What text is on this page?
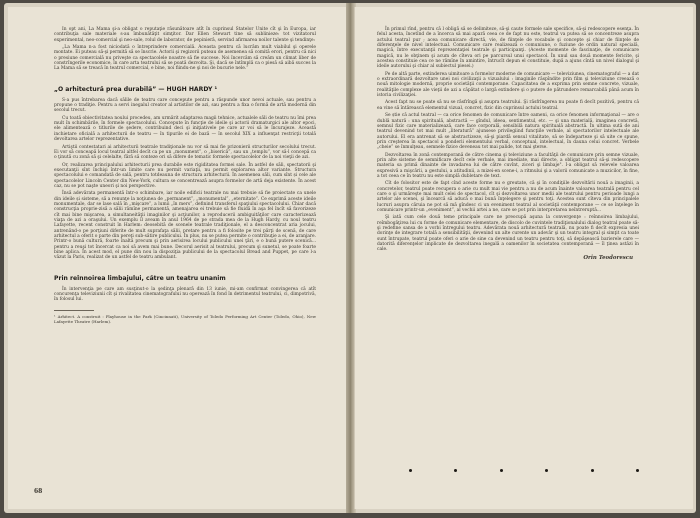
In opt ani, La Mama şi-a obligat o reputaţie răsunătoare atît în cuprinsul Statelor Unite cît şi în Europa, iar contribuţia sale materiale s-au îmbunătăţit simţitor. Dar Ellen Stewart tine să sublinieze: tot vizitatorul experimental, neo-comercial şi neo-sale, rolul de laborator, de pepinieră, servind afirmarea noilor talente şi tendinţe:

„La Mama n-a fost niciodată o întreprindere comercială. Aceasta pentru că lucrăm mult viabilul şi operele montate. Ei puteau să-şi permită să se înscrie. Actorii şi regizorii puteau de asemenea să comită erori, pentru că nici o presiune comercială nu priveşte ca spectacolele noastre să fie succese. Noi încercăm să creăm un climat liber de constrîngerile economice, în care arta teatrului să se poată dezvolta. Şi, dacă se întîmplă ca o piesă să aibă succes la La Mama să se treacă în teatrul comercial, e bine, noi fiindu-ne şi noi de bucurie nele.”

„O arhitectură prea durabilă” — HUGH HARDY ¹

S-a pus întrebarea dacă sălile de teatru care concepute pentru a răspunde unor nevoi actuale, sau pentru a propune o tradiţie. Pentru a servi inegalul creator al artistilor de azi, sau pentru a fixa o formă de artă modernă din secolul trecut.

Cu toată obiectivitatea noului procedeu, am urmărit adaptarea magii tehnice, actualele săli de teatru nu îmi prea mult în schimbările, în formele spectacolului. Concepute în funcţie de ideile şi actorii dramaturgici ale altor epoci, ele alimentează o titlurile de şedere, contribuind deci şi iniţiativele pe care ar voi să le încurajeze. Această inchietare oficială a arhitecturii de teatru — în tipurile ei de bază — în secolul XIX a influenţat restricţii totală devoltarea artelor reprezentative.

Artiştii contestatari ai arhitecturii teatrale tradiţionale nu vor să mai fie prizonierii structurilor secolului trecut. Ei vor să conceapă locul teatral altfel decît ca pe un „monument”, o „biserică”, sau un „templu”, vor să-l concepă ca o ţinută cu zonă să şi celelalte, fără să conteze ori să difere de tematic formele spectacolelor de la noi vieţii de azi.

Or, realizarea principalului arhitecturii prea durabile este rigiditatea formei sale. În astfel de săli, spectatorii şi executanţii sînt închişi într-un limite care nu permit variaţii, nu permit explorarea altor variante. Structura spectacolului e comandată de sală, pentru totdeauna de structura arhitecturii. În asemenea săli, cum sînt și cele ale spectacolelor Lincoln Center din New-York, cultura se concentrează asupra formelor de artă deja existente. În acest caz, nu se pot naşte uneori şi noi perspective.

Însă adevărata permanentă într-o schimbare, iar noile edificii teatrale nu mai trebuie să fie proiectate ca unele din ideile și sisteme, să a renunţe la noţiunea de „permanent”, „monumental”, „eternitate”. Ce exprimă aceste ideile monumentale, dar se lase sală în „mişcare”, a lumii „în mers”, definind transferul spaţiului spectacolului. Chiar dacă construcţia proprie-zisă a sălii rămîne permanentă, amenajarea ei trebuie să fie fluidă în aşa fel încît să favorizeze cît mai bine mişcarea, a simultaneităţii imaginilor şi acţiunilor, a reproducerii ambiguităţilor care caracterizează viaţa de azi a oraşului. Un exemplu îl aveam în anul 1964 de pe strada mea de la Hugh Hardy, cu noul teatru Lafayette, recent construit în Harlem: deosebită de scenele teatrale tradiţionale, el a desconcentrat aria jocului, antrenând-o pe porţiuni diferite de mult suprafaţa sălii, pretare pentru a fi folosite pe trei părţi de scenă, de care arhitectul a oferit o parte din pereţi sub-sătire publicului. În plus, nu se putea permite o contribuţie a ei, de aranjare. Printr-o bună cultură, foarte înaltă precum şi prin aerisirea locului publicului unei ţări, e o bună putere scenică... pentru a reuşi tot încercat ca noi să avem mai bune. Decorul aerisit al teatrului, precum şi sunetul, se poate foarte bine aplica. În acest mod, el pune din nou la dispoziţia publicului de la spectacolul Bread and Puppet, pe care l-a văzut la Paris, realizat de un astfel de teatru ambulant.

Prin reînnoirea limbajului, către un teatru unanim

În intervenţia pe care am susţinut-o la şedinţa plenară din 13 iunie, mi-am confirmat convingerea că atît concurenţa televiziunii cît şi rivalitatea cinematografului nu operează în fond în detrimentul teatrului, ci, dimpotrivă, în folosul lui.

¹ Arhitect. A construit : Playhouse in the Park (Cincinnati), University of Toledo Performing Art Center (Toledo, Ohio), New Lafayette Theatre (Harlem).

68

În primul rînd, pentru că l obligă să se delimiteze, să-şi caute formele sale specifice, să-şi redescopere esenţa. În felul acesta, încetînd de a încerca să mai apară ceea ce de fapt nu este, teatrul va putea să se concentreze asupra actului teatral pur ; acea comunicare directă, vie, de fiinţele de vocabule şi concepte şi chiar de fiinţele de diferenţele de nivel intelectual. Comunicare care realizează o comuniune, o fuziune de ordin natural specială, magică, între executanţii reprezentaţiei teatrale şi participanţi. (Aceste momente de fascinaţie, de comunicare magică, nu le obţinem şi acum de cîteva ori pe parcursul unui spectacol. În unul sau două momente fericite, şi acestea constituie cea ce ne rămîne în amintire, întrucît depun el constituie, după a ajuns cîntă un nivel dialogul şi ideile autorului şi chiar al subiectul piesei.)

Pe de altă parte, extinderea uimitoare a formelor moderne de comunicare — televiziunea, cinematograful — a dat o extraordinară dezvoltare unei noi civilizaţii a vizualului : imaginile răspîndite prin film şi televiziune creează o nouă mitologie modernă, proprie societăţii contemporane. Capacitatea de a exprima prin semne concrete, vizuale, realităţile complexe ale vieţii de azi a căpătat o largă extindere şi o putere de pătrundere remarcabilă până acum în istoria civilizaţiei.

Acest fapt nu se poate să nu se răsfrîngă şi asupra teatrului. Şi răsfrîngerea nu poate fi decît pozitivă, pentru că ea vine să întărească elementul vizual, concret, fizic din cuprinsul actului teatral.

Se știe că actul teatral — ca orice fenomen de comunicare între oameni, ca orice fenomen informaţional — are o dublă natură : una spirituală, abstractă — gîndul, ideea, sentimentul, etc. — şi una materială, imaginea concretă, semnul fizic care materializează, care face corporală, sensibilă natura spirituală abstractă. În ultima sută de ani teatrul devenind tot mai mult „literatură” ajunsese privilegiind funcţiile verbale, al spectatorilor intelectuale ale autorului. El era antrenat să se abstractizeze, să-şi piardă sensul vitalitate, să se îndeparteze şi să uite ce spune, prin creşterea în spectacol a ponderii elementului verbal, conceptual, intelectual, în dauna celui concret. Verbele „cheie” se înmulţeau, semnele fizice deveneau tot mai palide, tot mai şterse.

Dezvoltarea în zonă contemporană de către cinema şi televiziune a facultăţii de comunicare prin semne vizuale, prin alte sisteme de semnificare decît cele verbale, mai imediate, mai directe, a obligat teatrul să-şi redescopere materia sa primă dinainte de invadarea lui de către cuvînt, ziceri şi limbaje". I-a obligat să relevele valoarea expresivă a mişcării, a gestului, a atitudinii, a mizei-en scene-i, a ritmului şi a valorii comunicate a muzicilor, în fine, a tot ceea ce în teatru nu este simplă dubletare de text.

Cît de folositor este de fapt cînd aceste forme nu e greutate, că şi în condiţiile dezvoltării nouă a imaginii, a concretelor, teatrul poate recupera o arie cu mult mai vie pentru a nu de acum înainte valoarea teatrală pentru cel care o şi urmăreşte mai mult celei de spectacol, cît şi dezvoltarea unor medii ale teatrului pentru perioade lungi a artelor ale scenei, şi încearcă să aducă o mai bună înţelegere şi pentru toţi. Acestea sunt cîteva din principalele lucruri asupra căruia ne pot să mă gîndesc ci un eveniment teatral al societăţii contemporane — ce se înţelege în comunicare printr-un „eveniment”, al vechii artei a ne, care se pot prin interpretarea neîntreruptă...

Şi iată cum cele două teme principale care ne preocupă aşuna la convergenţe : reînnoirea limbajului, reîmbogăţirea lui cu forme de comunicare elementare, de discolo de cuvintele tradiţionalului dialog teatral poate să-şi redefine sansa de a vorbi întregului teatru. Adevărata nouă arhitectură teatrală, nu poate fi decît expresia unei dorinţe de integrare totală a sensibilităţii, devenind un alte curente un adevăr şi un teatru integral şi simţit ca toate sunt întrupate, teatrul poate oferi o arie de sine ca devenind un teatru pentru toţi, să depăşească barierele care — datorită diferenţelor implicate de dezvoltarea inegală a oamenilor în societatea contemporană — îl ţinea astăzi în cale.

Orin Teodorescu
